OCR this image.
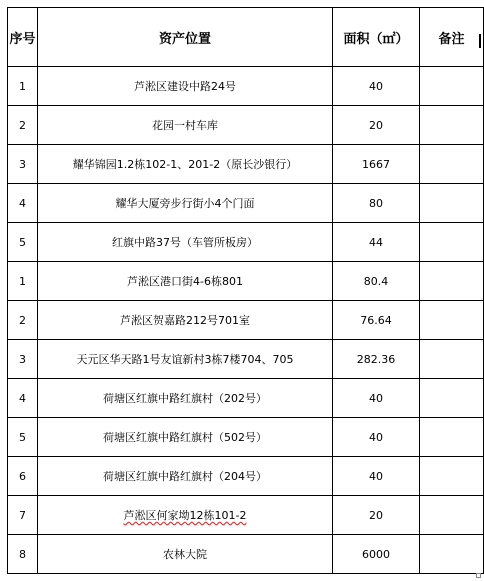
序号	资产位置	面积（㎡）	备注
1	芦淞区建设中路24号	40	
2	花园一村车库	20	
3	耀华锦园1.2栋102-1、201-2（原长沙银行）	1667	
4	耀华大厦旁步行街小4个门面	80	
5	红旗中路37号（车管所板房）	44	
1	芦淞区港口街4-6栋801	80.4	
2	芦淞区贺嘉路212号701室	76.64	
3	天元区华天路1号友谊新村3栋7楼704、705	282.36	
4	荷塘区红旗中路红旗村（202号）	40	
5	荷塘区红旗中路红旗村（502号）	40	
6	荷塘区红旗中路红旗村（204号）	40	
7	芦淞区何家坳12栋101-2	20	
8	农林大院	6000	
